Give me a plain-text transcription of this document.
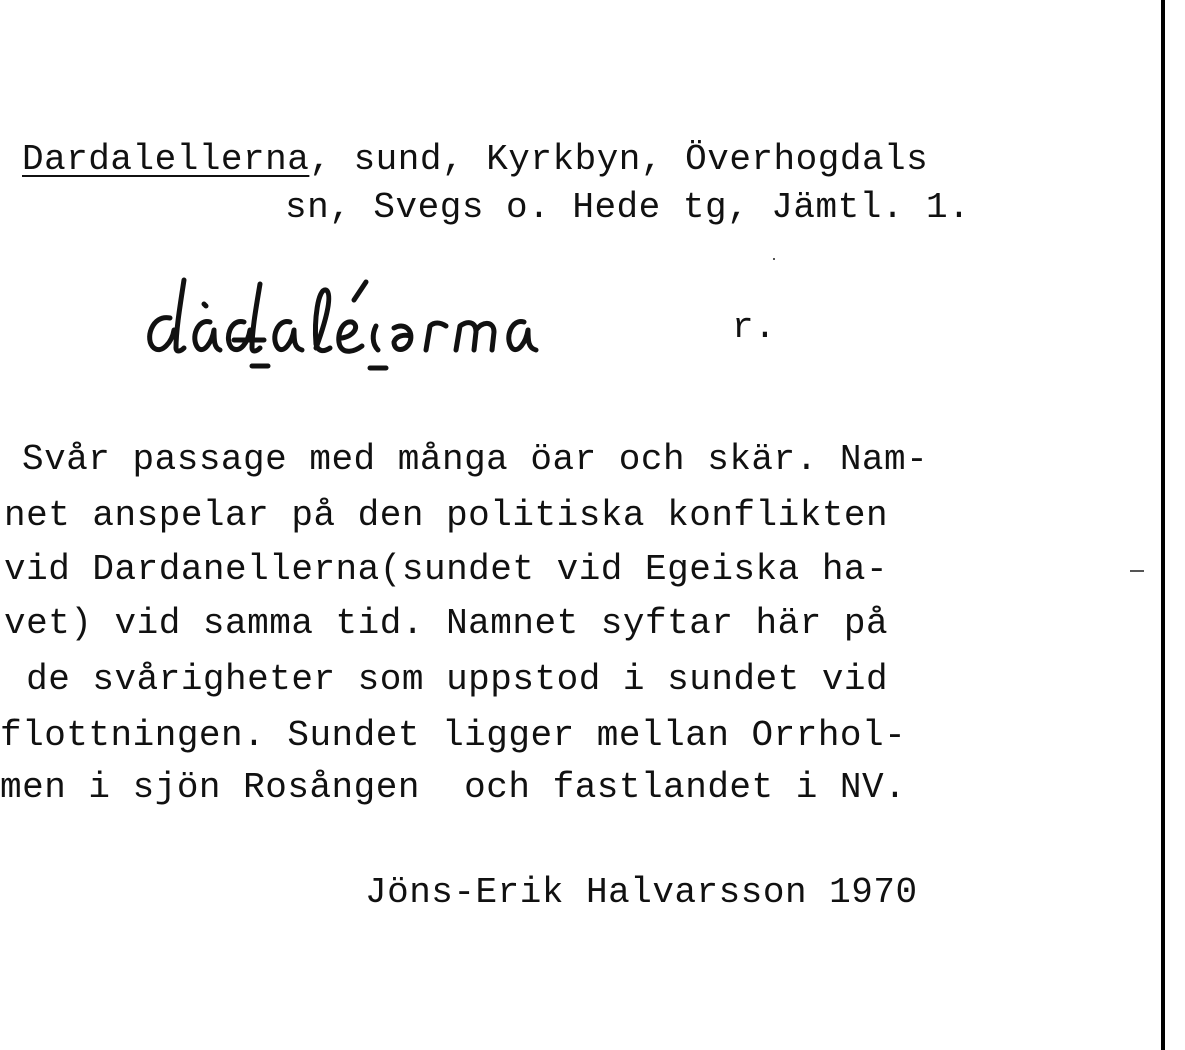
Dardalellerna, sund, Kyrkbyn, Överhogdals
sn, Svegs o. Hede tg, Jämtl. 1.
r.
Svår passage med många öar och skär. Nam-
net anspelar på den politiska konflikten
vid Dardanellerna(sundet vid Egeiska ha-
vet) vid samma tid. Namnet syftar här på
de svårigheter som uppstod i sundet vid
flottningen. Sundet ligger mellan Orrhol-
men i sjön Rosången  och fastlandet i NV.
Jöns-Erik Halvarsson 1970
